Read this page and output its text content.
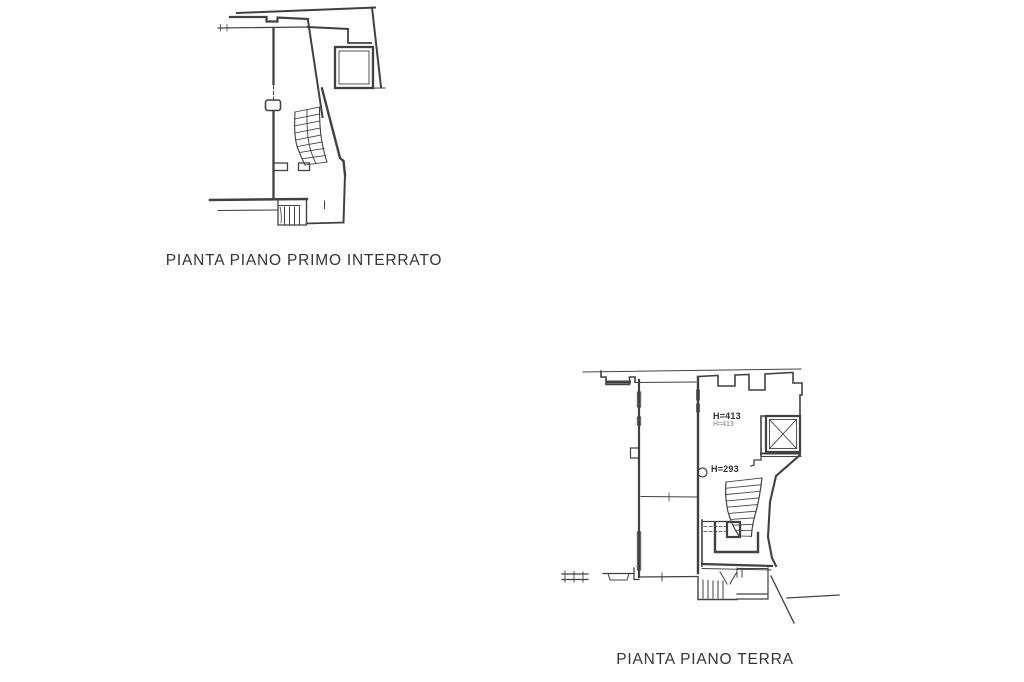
PIANTA PIANO PRIMO INTERRATO
H=413
H=413
H=293
PIANTA PIANO TERRA
